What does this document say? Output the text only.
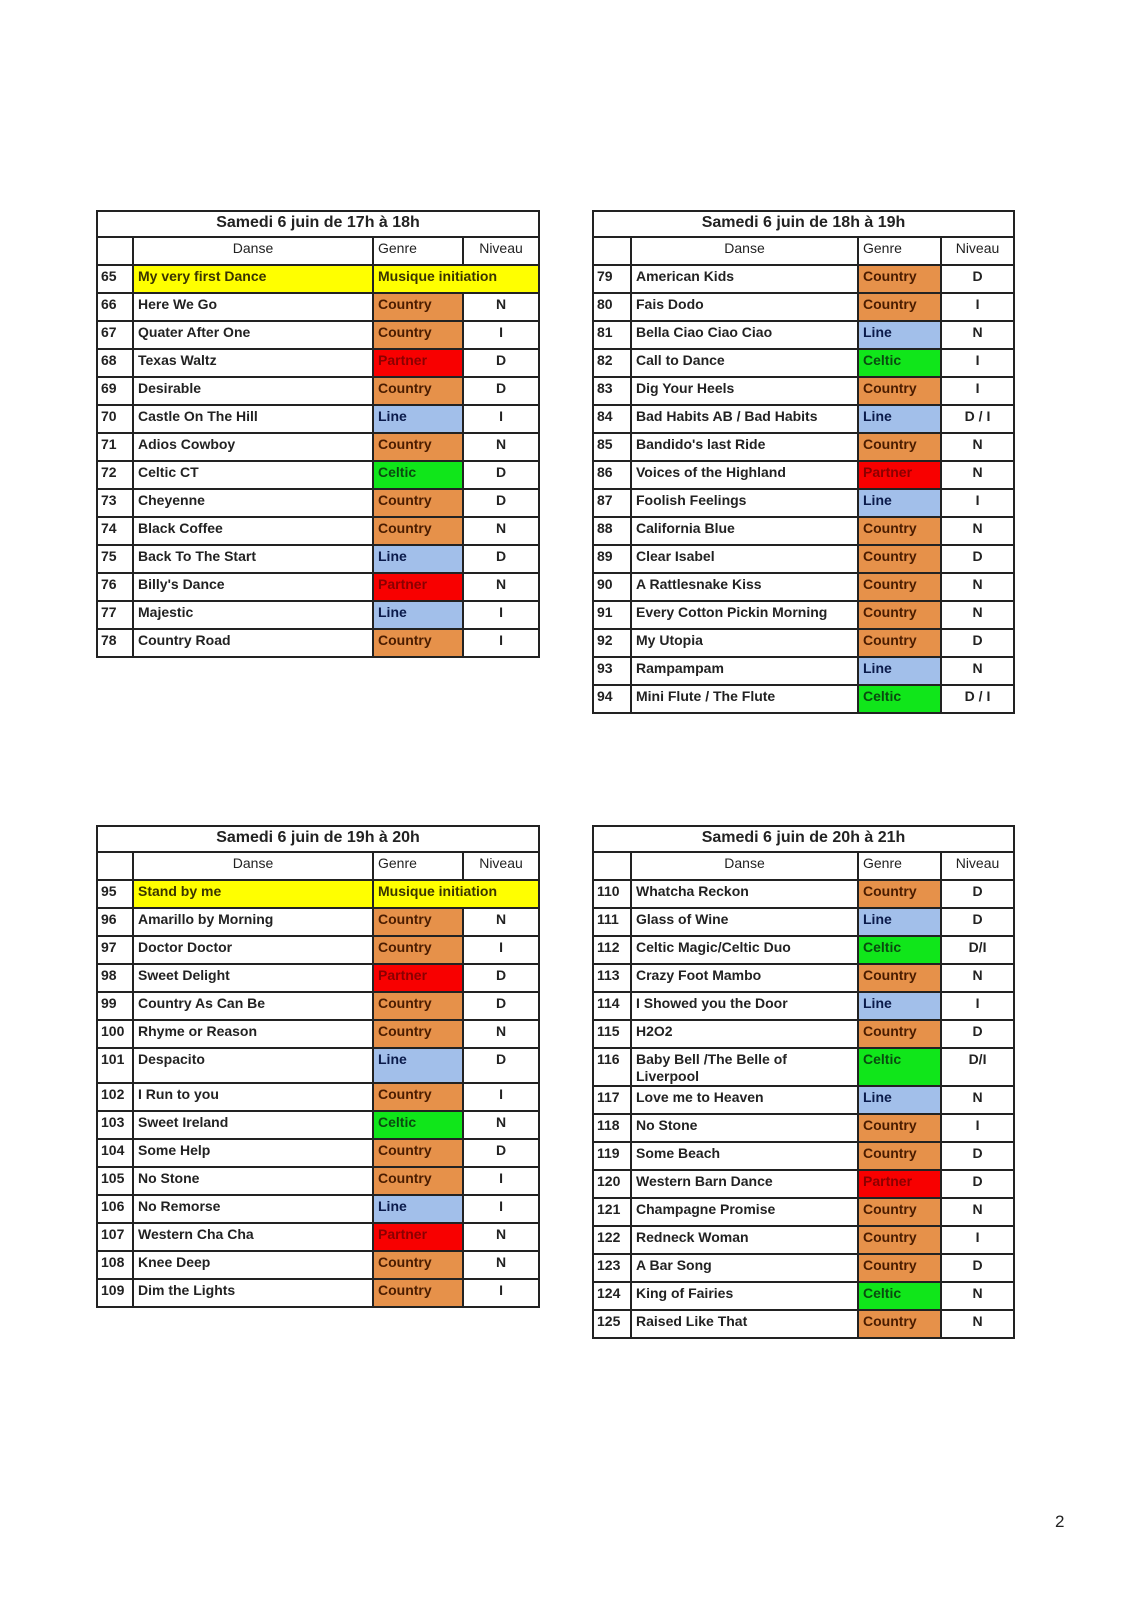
Samedi 6 juin de 17h à 18h			
	Danse	Genre	Niveau
65	My very first Dance	Musique initiation	
66	Here We Go	Country	N
67	Quater After One	Country	I
68	Texas Waltz	Partner	D
69	Desirable	Country	D
70	Castle On The Hill	Line	I
71	Adios Cowboy	Country	N
72	Celtic CT	Celtic	D
73	Cheyenne	Country	D
74	Black Coffee	Country	N
75	Back To The Start	Line	D
76	Billy's Dance	Partner	N
77	Majestic	Line	I
78	Country Road	Country	I
Samedi 6 juin de 18h à 19h			
	Danse	Genre	Niveau
79	American Kids	Country	D
80	Fais Dodo	Country	I
81	Bella Ciao Ciao Ciao	Line	N
82	Call to Dance	Celtic	I
83	Dig Your Heels	Country	I
84	Bad Habits AB / Bad Habits	Line	D / I
85	Bandido's last Ride	Country	N
86	Voices of the Highland	Partner	N
87	Foolish Feelings	Line	I
88	California Blue	Country	N
89	Clear Isabel	Country	D
90	A Rattlesnake Kiss	Country	N
91	Every Cotton Pickin Morning	Country	N
92	My Utopia	Country	D
93	Rampampam	Line	N
94	Mini Flute / The Flute	Celtic	D / I
Samedi 6 juin de 19h à 20h			
	Danse	Genre	Niveau
95	Stand by me	Musique initiation	
96	Amarillo by Morning	Country	N
97	Doctor Doctor	Country	I
98	Sweet Delight	Partner	D
99	Country As Can Be	Country	D
100	Rhyme or Reason	Country	N
101	Despacito	Line	D
102	I Run to you	Country	I
103	Sweet Ireland	Celtic	N
104	Some Help	Country	D
105	No Stone	Country	I
106	No Remorse	Line	I
107	Western Cha Cha	Partner	N
108	Knee Deep	Country	N
109	Dim the Lights	Country	I
Samedi 6 juin de 20h à 21h			
	Danse	Genre	Niveau
110	Whatcha Reckon	Country	D
111	Glass of Wine	Line	D
112	Celtic Magic/Celtic Duo	Celtic	D/I
113	Crazy Foot Mambo	Country	N
114	I Showed you the Door	Line	I
115	H2O2	Country	D
116	Baby Bell /The Belle of Liverpool	Celtic	D/I
117	Love me to Heaven	Line	N
118	No Stone	Country	I
119	Some Beach	Country	D
120	Western Barn Dance	Partner	D
121	Champagne Promise	Country	N
122	Redneck Woman	Country	I
123	A Bar Song	Country	D
124	King of Fairies	Celtic	N
125	Raised Like That	Country	N
2
